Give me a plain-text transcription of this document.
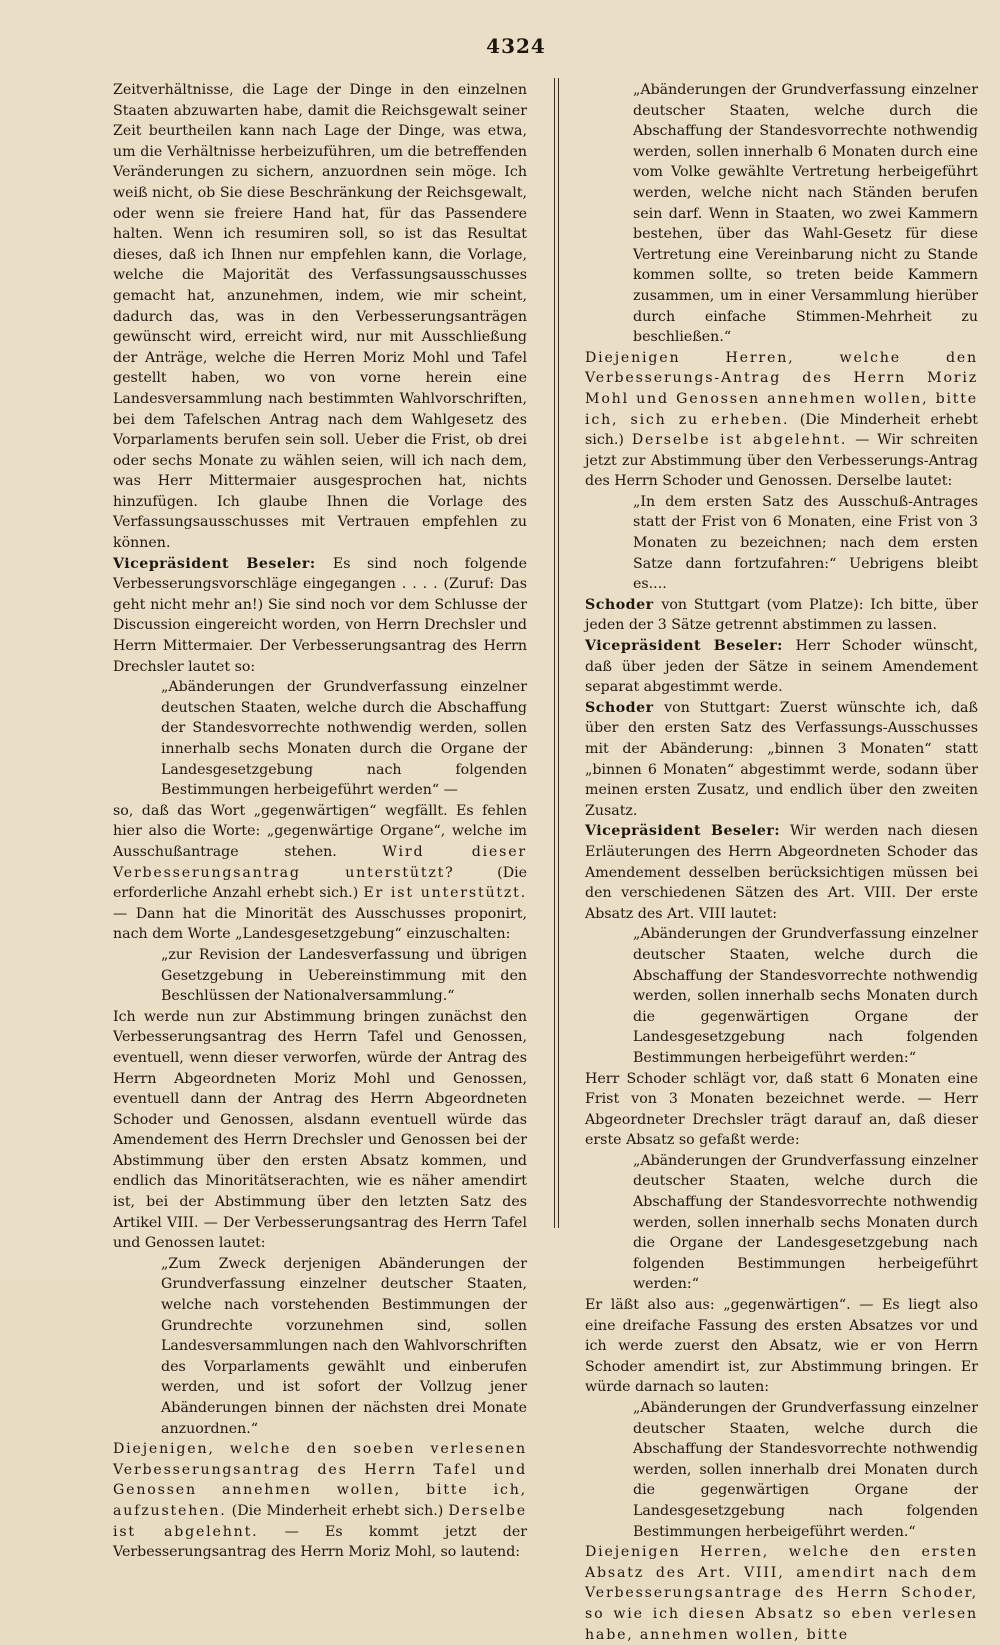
4324

Zeitverhältnisse, die Lage der Dinge in den einzelnen Staaten abzuwarten habe, damit die Reichsgewalt seiner Zeit beurtheilen kann nach Lage der Dinge, was etwa, um die Verhältnisse herbeizuführen, um die betreffenden Veränderungen zu sichern, anzuordnen sein möge. Ich weiß nicht, ob Sie diese Beschränkung der Reichsgewalt, oder wenn sie freiere Hand hat, für das Passendere halten. Wenn ich resumiren soll, so ist das Resultat dieses, daß ich Ihnen nur empfehlen kann, die Vorlage, welche die Majorität des Verfassungsausschusses gemacht hat, anzunehmen, indem, wie mir scheint, dadurch das, was in den Verbesserungsanträgen gewünscht wird, erreicht wird, nur mit Ausschließung der Anträge, welche die Herren Moriz Mohl und Tafel gestellt haben, wo von vorne herein eine Landesversammlung nach bestimmten Wahlvorschriften, bei dem Tafelschen Antrag nach dem Wahlgesetz des Vorparlaments berufen sein soll. Ueber die Frist, ob drei oder sechs Monate zu wählen seien, will ich nach dem, was Herr Mittermaier ausgesprochen hat, nichts hinzufügen. Ich glaube Ihnen die Vorlage des Verfassungsausschusses mit Vertrauen empfehlen zu können.

Vicepräsident Beseler: Es sind noch folgende Verbesserungsvorschläge eingegangen . . . . (Zuruf: Das geht nicht mehr an!) Sie sind noch vor dem Schlusse der Discussion eingereicht worden, von Herrn Drechsler und Herrn Mittermaier. Der Verbesserungsantrag des Herrn Drechsler lautet so:

„Abänderungen der Grundverfassung einzelner deutschen Staaten, welche durch die Abschaffung der Standesvorrechte nothwendig werden, sollen innerhalb sechs Monaten durch die Organe der Landesgesetzgebung nach folgenden Bestimmungen herbeigeführt werden“ —

so, daß das Wort „gegenwärtigen“ wegfällt. Es fehlen hier also die Worte: „gegenwärtige Organe“, welche im Ausschußantrage stehen. Wird dieser Verbesserungsantrag unterstützt? (Die erforderliche Anzahl erhebt sich.) Er ist unterstützt. — Dann hat die Minorität des Ausschusses proponirt, nach dem Worte „Landesgesetzgebung“ einzuschalten:

„zur Revision der Landesverfassung und übrigen Gesetzgebung in Uebereinstimmung mit den Beschlüssen der Nationalversammlung.“

Ich werde nun zur Abstimmung bringen zunächst den Verbesserungsantrag des Herrn Tafel und Genossen, eventuell, wenn dieser verworfen, würde der Antrag des Herrn Abgeordneten Moriz Mohl und Genossen, eventuell dann der Antrag des Herrn Abgeordneten Schoder und Genossen, alsdann eventuell würde das Amendement des Herrn Drechsler und Genossen bei der Abstimmung über den ersten Absatz kommen, und endlich das Minoritätserachten, wie es näher amendirt ist, bei der Abstimmung über den letzten Satz des Artikel VIII. — Der Verbesserungsantrag des Herrn Tafel und Genossen lautet:

„Zum Zweck derjenigen Abänderungen der Grundverfassung einzelner deutscher Staaten, welche nach vorstehenden Bestimmungen der Grundrechte vorzunehmen sind, sollen Landesversammlungen nach den Wahlvorschriften des Vorparlaments gewählt und einberufen werden, und ist sofort der Vollzug jener Abänderungen binnen der nächsten drei Monate anzuordnen.“

Diejenigen, welche den soeben verlesenen Verbesserungsantrag des Herrn Tafel und Genossen annehmen wollen, bitte ich, aufzustehen. (Die Minderheit erhebt sich.) Derselbe ist abgelehnt. — Es kommt jetzt der Verbesserungsantrag des Herrn Moriz Mohl, so lautend:

„Abänderungen der Grundverfassung einzelner deutscher Staaten, welche durch die Abschaffung der Standesvorrechte nothwendig werden, sollen innerhalb 6 Monaten durch eine vom Volke gewählte Vertretung herbeigeführt werden, welche nicht nach Ständen berufen sein darf. Wenn in Staaten, wo zwei Kammern bestehen, über das Wahl-Gesetz für diese Vertretung eine Vereinbarung nicht zu Stande kommen sollte, so treten beide Kammern zusammen, um in einer Versammlung hierüber durch einfache Stimmen-Mehrheit zu beschließen.“

Diejenigen Herren, welche den Verbesserungs-Antrag des Herrn Moriz Mohl und Genossen annehmen wollen, bitte ich, sich zu erheben. (Die Minderheit erhebt sich.) Derselbe ist abgelehnt. — Wir schreiten jetzt zur Abstimmung über den Verbesserungs-Antrag des Herrn Schoder und Genossen. Derselbe lautet:

„In dem ersten Satz des Ausschuß-Antrages statt der Frist von 6 Monaten, eine Frist von 3 Monaten zu bezeichnen; nach dem ersten Satze dann fortzufahren:“ Uebrigens bleibt es....

Schoder von Stuttgart (vom Platze): Ich bitte, über jeden der 3 Sätze getrennt abstimmen zu lassen.

Vicepräsident Beseler: Herr Schoder wünscht, daß über jeden der Sätze in seinem Amendement separat abgestimmt werde.

Schoder von Stuttgart: Zuerst wünschte ich, daß über den ersten Satz des Verfassungs-Ausschusses mit der Abänderung: „binnen 3 Monaten“ statt „binnen 6 Monaten“ abgestimmt werde, sodann über meinen ersten Zusatz, und endlich über den zweiten Zusatz.

Vicepräsident Beseler: Wir werden nach diesen Erläuterungen des Herrn Abgeordneten Schoder das Amendement desselben berücksichtigen müssen bei den verschiedenen Sätzen des Art. VIII. Der erste Absatz des Art. VIII lautet:

„Abänderungen der Grundverfassung einzelner deutscher Staaten, welche durch die Abschaffung der Standesvorrechte nothwendig werden, sollen innerhalb sechs Monaten durch die gegenwärtigen Organe der Landesgesetzgebung nach folgenden Bestimmungen herbeigeführt werden:“

Herr Schoder schlägt vor, daß statt 6 Monaten eine Frist von 3 Monaten bezeichnet werde. — Herr Abgeordneter Drechsler trägt darauf an, daß dieser erste Absatz so gefaßt werde:

„Abänderungen der Grundverfassung einzelner deutscher Staaten, welche durch die Abschaffung der Standesvorrechte nothwendig werden, sollen innerhalb sechs Monaten durch die Organe der Landesgesetzgebung nach folgenden Bestimmungen herbeigeführt werden:“

Er läßt also aus: „gegenwärtigen“. — Es liegt also eine dreifache Fassung des ersten Absatzes vor und ich werde zuerst den Absatz, wie er von Herrn Schoder amendirt ist, zur Abstimmung bringen. Er würde darnach so lauten:

„Abänderungen der Grundverfassung einzelner deutscher Staaten, welche durch die Abschaffung der Standesvorrechte nothwendig werden, sollen innerhalb drei Monaten durch die gegenwärtigen Organe der Landesgesetzgebung nach folgenden Bestimmungen herbeigeführt werden.“

Diejenigen Herren, welche den ersten Absatz des Art. VIII, amendirt nach dem Verbesserungsantrage des Herrn Schoder, so wie ich diesen Absatz so eben verlesen habe, annehmen wollen, bitte
